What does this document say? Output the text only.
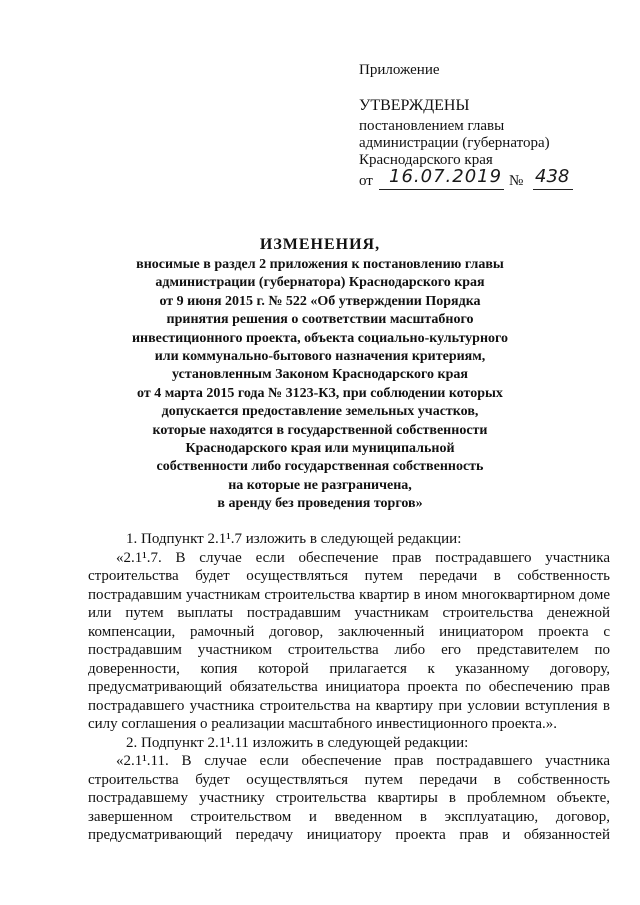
Приложение
УТВЕРЖДЕНЫ
постановлением главы
администрации (губернатора)
Краснодарского края
от 16.07.2019 № 438
ИЗМЕНЕНИЯ,
вносимые в раздел 2 приложения к постановлению главы
администрации (губернатора) Краснодарского края
от 9 июня 2015 г. № 522 «Об утверждении Порядка
принятия решения о соответствии масштабного
инвестиционного проекта, объекта социально-культурного
или коммунально-бытового назначения критериям,
установленным Законом Краснодарского края
от 4 марта 2015 года № 3123-КЗ, при соблюдении которых
допускается предоставление земельных участков,
которые находятся в государственной собственности
Краснодарского края или муниципальной
собственности либо государственная собственность
на которые не разграничена,
в аренду без проведения торгов»

1. Подпункт 2.1¹.7 изложить в следующей редакции:

«2.1¹.7. В случае если обеспечение прав пострадавшего участника строительства будет осуществляться путем передачи в собственность пострадавшим участникам строительства квартир в ином многоквартирном доме или путем выплаты пострадавшим участникам строительства денежной компенсации, рамочный договор, заключенный инициатором проекта с пострадавшим участником строительства либо его представителем по доверенности, копия которой прилагается к указанному договору, предусматривающий обязательства инициатора проекта по обеспечению прав пострадавшего участника строительства на квартиру при условии вступления в силу соглашения о реализации масштабного инвестиционного проекта.».

2. Подпункт 2.1¹.11 изложить в следующей редакции:

«2.1¹.11. В случае если обеспечение прав пострадавшего участника строительства будет осуществляться путем передачи в собственность пострадавшему участнику строительства квартиры в проблемном объекте, завершенном строительством и введенном в эксплуатацию, договор, предусматривающий передачу инициатору проекта прав и обязанностей
